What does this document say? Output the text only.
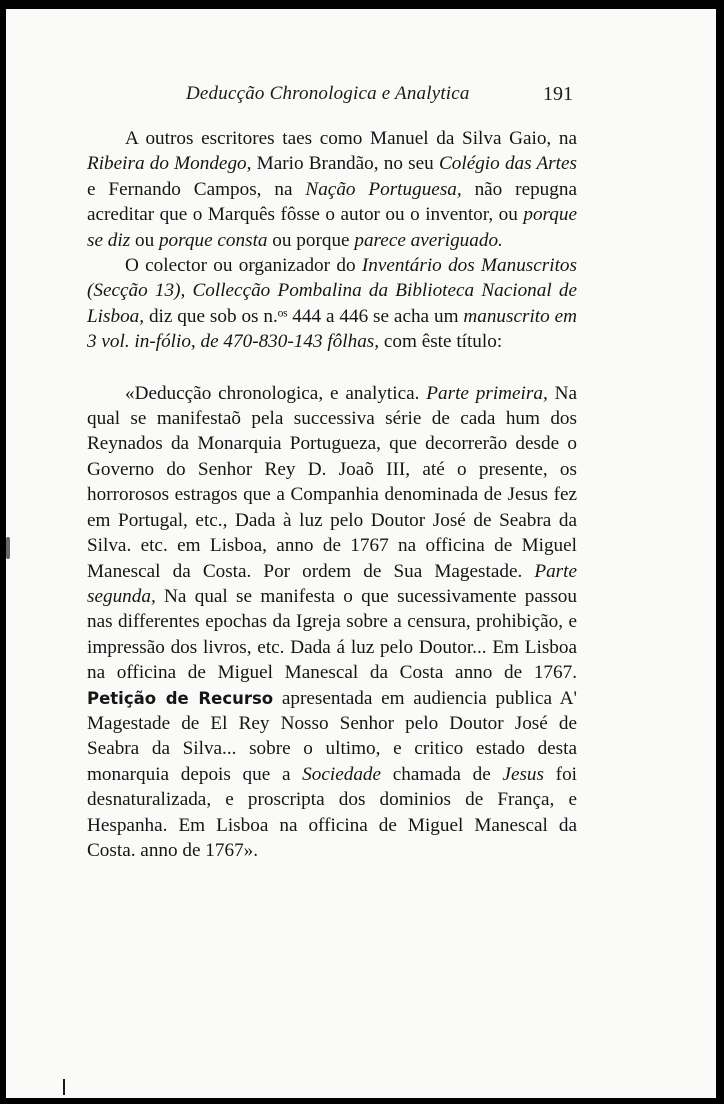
Deducção Chronologica e Analytica	191

A outros escritores taes como Manuel da Silva Gaio, na Ribeira do Mondego, Mario Brandão, no seu Colégio das Artes e Fernando Campos, na Nação Portuguesa, não repugna acreditar que o Marquês fôsse o autor ou o inventor, ou porque se diz ou porque consta ou porque parece averiguado.

O colector ou organizador do Inventário dos Manuscritos (Secção 13), Collecção Pombalina da Biblioteca Nacional de Lisboa, diz que sob os n.ᵒˢ 444 a 446 se acha um manuscrito em 3 vol. in-fólio, de 470-830-143 fôlhas, com êste título:

«Deducção chronologica, e analytica. Parte primeira, Na qual se manifestaõ pela successiva série de cada hum dos Reynados da Monarquia Portugueza, que decorrerão desde o Governo do Senhor Rey D. Joaõ III, até o presente, os horrorosos estragos que a Companhia denominada de Jesus fez em Portugal, etc., Dada à luz pelo Doutor José de Seabra da Silva. etc. em Lisboa, anno de 1767 na officina de Miguel Manescal da Costa. Por ordem de Sua Magestade. Parte segunda, Na qual se manifesta o que sucessivamente passou nas differentes epochas da Igreja sobre a censura, prohibição, e impressão dos livros, etc. Dada á luz pelo Doutor... Em Lisboa na officina de Miguel Manescal da Costa anno de 1767. Petição de Recurso apresentada em audiencia publica A' Magestade de El Rey Nosso Senhor pelo Doutor José de Seabra da Silva... sobre o ultimo, e critico estado desta monarquia depois que a Sociedade chamada de Jesus foi desnaturalizada, e proscripta dos dominios de França, e Hespanha. Em Lisboa na officina de Miguel Manescal da Costa. anno de 1767».
